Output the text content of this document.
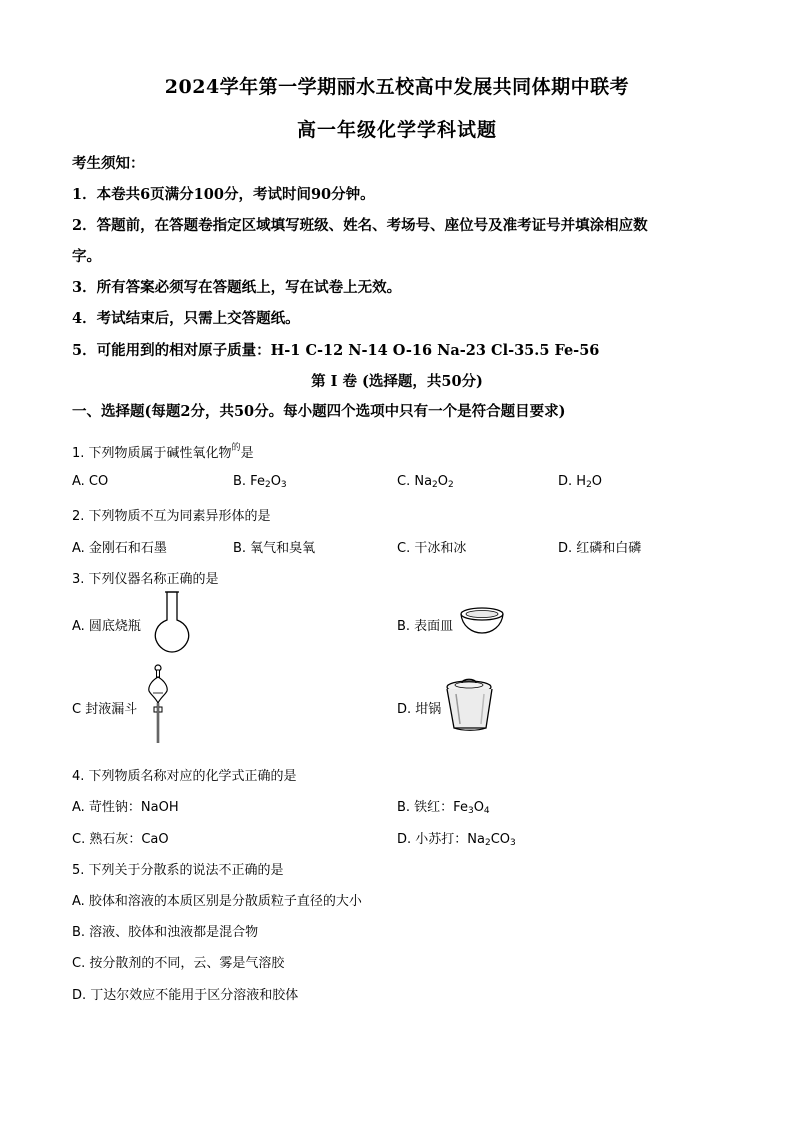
2024学年第一学期丽水五校高中发展共同体期中联考
高一年级化学学科试题
考生须知：
1．本卷共6页满分100分，考试时间90分钟。
2．答题前，在答题卷指定区域填写班级、姓名、考场号、座位号及准考证号并填涂相应数
字。
3．所有答案必须写在答题纸上，写在试卷上无效。
4．考试结束后，只需上交答题纸。
5．可能用到的相对原子质量：H-1 C-12 N-14 O-16 Na-23 Cl-35.5 Fe-56
第 I 卷 (选择题，共50分)
一、选择题(每题2分，共50分。每小题四个选项中只有一个是符合题目要求)
1. 下列物质属于碱性氧化物$^的$是
A. CO	B. $Fe_2O_3$	C. $Na_2O_2$	D. $H_2O$
2. 下列物质不互为同素异形体的是
A. 金刚石和石墨	B. 氧气和臭氧	C. 干冰和冰	D. 红磷和白磷
3. 下列仪器名称正确的是
A. 圆底烧瓶	B. 表面皿
C 封液漏斗	D. 坩锅
4. 下列物质名称对应的化学式正确的是
A. 苛性钠：NaOH	B. 铁红：$Fe_3O_4$
C. 熟石灰：CaO	D. 小苏打：$Na_2CO_3$
5. 下列关于分散系的说法不正确的是
A. 胶体和溶液的本质区别是分散质粒子直径的大小
B. 溶液、胶体和浊液都是混合物
C. 按分散剂的不同，云、雾是气溶胶
D. 丁达尔效应不能用于区分溶液和胶体
